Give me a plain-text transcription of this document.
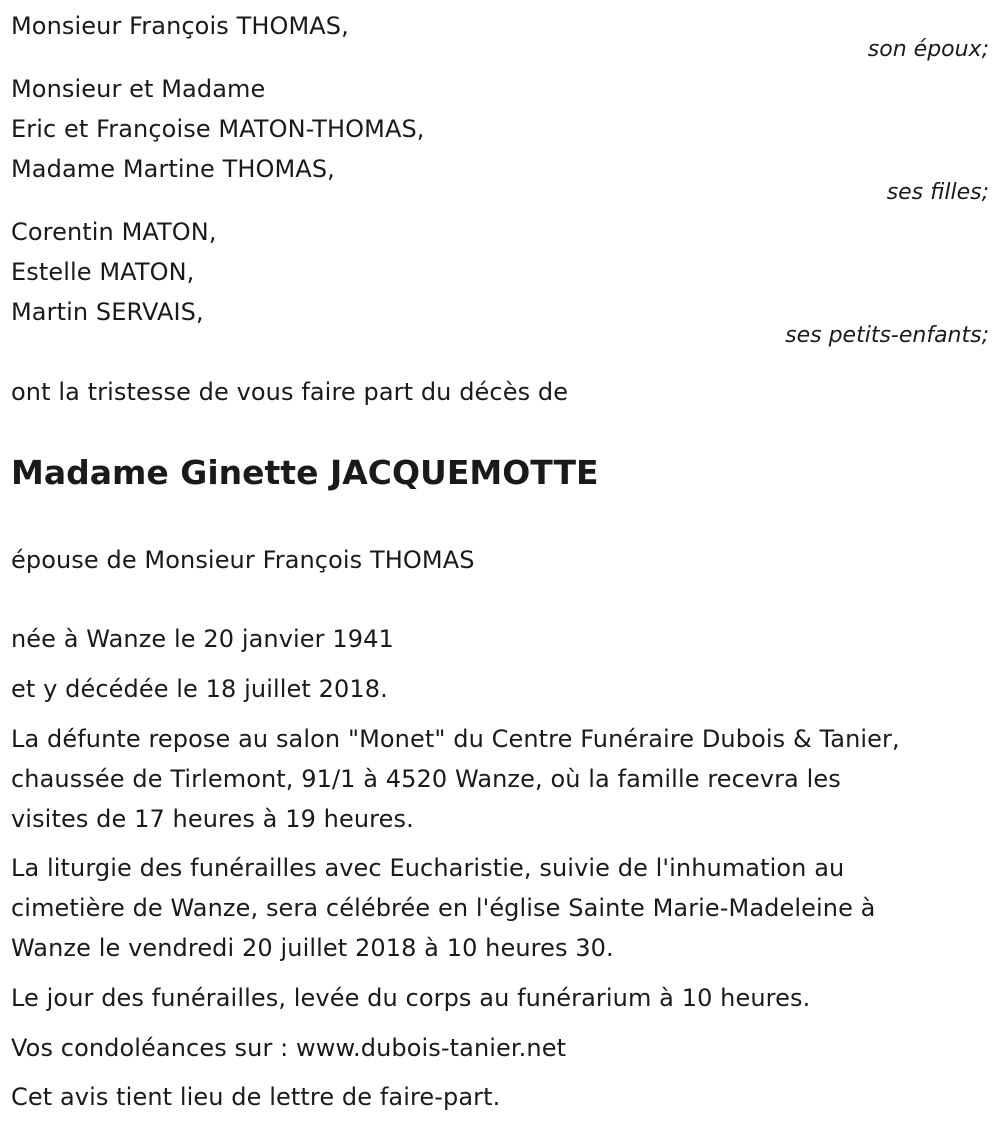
Monsieur François THOMAS,
son époux;
Monsieur et Madame
Eric et Françoise MATON-THOMAS,
Madame Martine THOMAS,
ses filles;
Corentin MATON,
Estelle MATON,
Martin SERVAIS,
ses petits-enfants;
ont la tristesse de vous faire part du décès de
Madame Ginette JACQUEMOTTE
épouse de Monsieur François THOMAS
née à Wanze le 20 janvier 1941
et y décédée le 18 juillet 2018.
La défunte repose au salon "Monet" du Centre Funéraire Dubois & Tanier,
chaussée de Tirlemont, 91/1 à 4520 Wanze, où la famille recevra les
visites de 17 heures à 19 heures.
La liturgie des funérailles avec Eucharistie, suivie de l'inhumation au
cimetière de Wanze, sera célébrée en l'église Sainte Marie-Madeleine à
Wanze le vendredi 20 juillet 2018 à 10 heures 30.
Le jour des funérailles, levée du corps au funérarium à 10 heures.
Vos condoléances sur : www.dubois-tanier.net
Cet avis tient lieu de lettre de faire-part.
